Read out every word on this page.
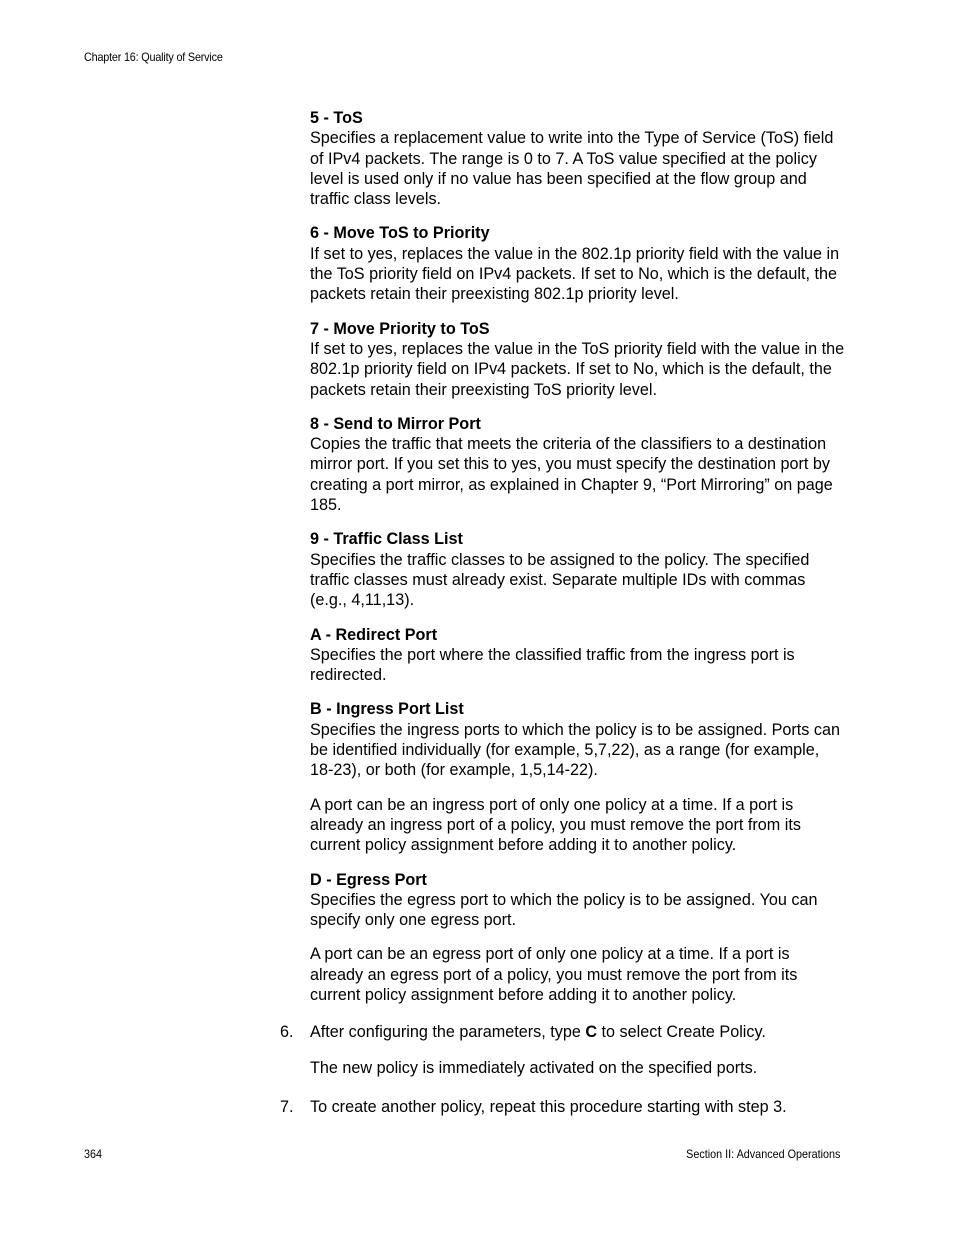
Chapter 16: Quality of Service
5 - ToS

Specifies a replacement value to write into the Type of Service (ToS) field of IPv4 packets. The range is 0 to 7. A ToS value specified at the policy level is used only if no value has been specified at the flow group and traffic class levels.

6 - Move ToS to Priority

If set to yes, replaces the value in the 802.1p priority field with the value in the ToS priority field on IPv4 packets. If set to No, which is the default, the packets retain their preexisting 802.1p priority level.

7 - Move Priority to ToS

If set to yes, replaces the value in the ToS priority field with the value in the 802.1p priority field on IPv4 packets. If set to No, which is the default, the packets retain their preexisting ToS priority level.

8 - Send to Mirror Port

Copies the traffic that meets the criteria of the classifiers to a destination mirror port. If you set this to yes, you must specify the destination port by creating a port mirror, as explained in Chapter 9, “Port Mirroring” on page 185.

9 - Traffic Class List

Specifies the traffic classes to be assigned to the policy. The specified traffic classes must already exist. Separate multiple IDs with commas (e.g., 4,11,13).

A - Redirect Port

Specifies the port where the classified traffic from the ingress port is redirected.

B - Ingress Port List

Specifies the ingress ports to which the policy is to be assigned. Ports can be identified individually (for example, 5,7,22), as a range (for example, 18-23), or both (for example, 1,5,14-22).

A port can be an ingress port of only one policy at a time. If a port is already an ingress port of a policy, you must remove the port from its current policy assignment before adding it to another policy.

D - Egress Port

Specifies the egress port to which the policy is to be assigned. You can specify only one egress port.

A port can be an egress port of only one policy at a time. If a port is already an egress port of a policy, you must remove the port from its current policy assignment before adding it to another policy.

6.	After configuring the parameters, type C to select Create Policy.

The new policy is immediately activated on the specified ports.

7.	To create another policy, repeat this procedure starting with step 3.

364	Section II: Advanced Operations
